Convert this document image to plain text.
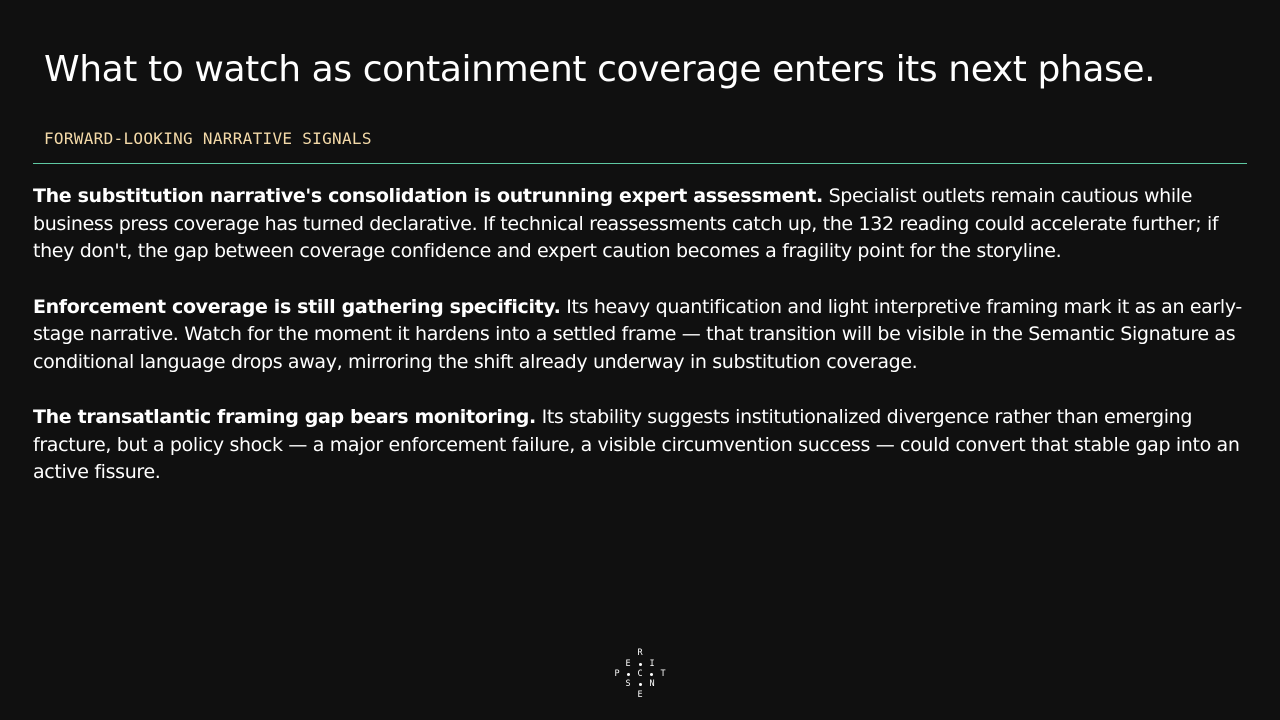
What to watch as containment coverage enters its next phase.
FORWARD-LOOKING NARRATIVE SIGNALS

The substitution narrative's consolidation is outrunning expert assessment. Specialist outlets remain cautious while business press coverage has turned declarative. If technical reassessments catch up, the 132 reading could accelerate further; if they don't, the gap between coverage confidence and expert caution becomes a fragility point for the storyline.

Enforcement coverage is still gathering specificity. Its heavy quantification and light interpretive framing mark it as an early-stage narrative. Watch for the moment it hardens into a settled frame — that transition will be visible in the Semantic Signature as conditional language drops away, mirroring the shift already underway in substitution coverage.

The transatlantic framing gap bears monitoring. Its stability suggests institutionalized divergence rather than emerging fracture, but a policy shock — a major enforcement failure, a visible circumvention success — could convert that stable gap into an active fissure.

R
E I
P C T
S N
E
